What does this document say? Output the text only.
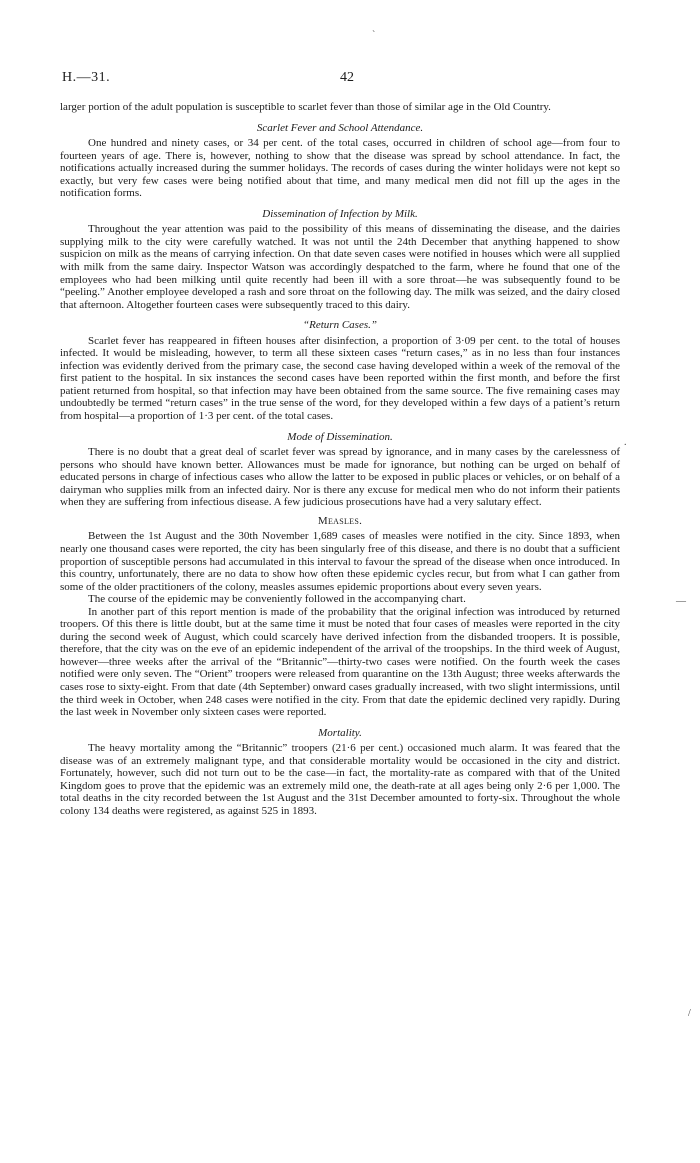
`
.
—
/
H.—31.	42

larger portion of the adult population is susceptible to scarlet fever than those of similar age in the Old Country.

Scarlet Fever and School Attendance.

One hundred and ninety cases, or 34 per cent. of the total cases, occurred in children of school age—from four to fourteen years of age. There is, however, nothing to show that the disease was spread by school attendance. In fact, the notifications actually increased during the summer holidays. The records of cases during the winter holidays were not kept so exactly, but very few cases were being notified about that time, and many medical men did not fill up the ages in the notification forms.

Dissemination of Infection by Milk.

Throughout the year attention was paid to the possibility of this means of disseminating the disease, and the dairies supplying milk to the city were carefully watched. It was not until the 24th December that anything happened to show suspicion on milk as the means of carrying infection. On that date seven cases were notified in houses which were all supplied with milk from the same dairy. Inspector Watson was accordingly despatched to the farm, where he found that one of the employees who had been milking until quite recently had been ill with a sore throat—he was subsequently found to be “peeling.” Another employee developed a rash and sore throat on the following day. The milk was seized, and the dairy closed that afternoon. Altogether fourteen cases were subsequently traced to this dairy.

“Return Cases.”

Scarlet fever has reappeared in fifteen houses after disinfection, a proportion of 3·09 per cent. to the total of houses infected. It would be misleading, however, to term all these sixteen cases “return cases,” as in no less than four instances infection was evidently derived from the primary case, the second case having developed within a week of the removal of the first patient to the hospital. In six instances the second cases have been reported within the first month, and before the first patient returned from hospital, so that infection may have been obtained from the same source. The five remaining cases may undoubtedly be termed “return cases” in the true sense of the word, for they developed within a few days of a patient’s return from hospital—a proportion of 1·3 per cent. of the total cases.

Mode of Dissemination.

There is no doubt that a great deal of scarlet fever was spread by ignorance, and in many cases by the carelessness of persons who should have known better. Allowances must be made for ignorance, but nothing can be urged on behalf of educated persons in charge of infectious cases who allow the latter to be exposed in public places or vehicles, or on behalf of a dairyman who supplies milk from an infected dairy. Nor is there any excuse for medical men who do not inform their patients when they are suffering from infectious disease. A few judicious prosecutions have had a very salutary effect.

Measles.

Between the 1st August and the 30th November 1,689 cases of measles were notified in the city. Since 1893, when nearly one thousand cases were reported, the city has been singularly free of this disease, and there is no doubt that a sufficient proportion of susceptible persons had accumulated in this interval to favour the spread of the disease when once introduced. In this country, unfortunately, there are no data to show how often these epidemic cycles recur, but from what I can gather from some of the older practitioners of the colony, measles assumes epidemic proportions about every seven years.

The course of the epidemic may be conveniently followed in the accompanying chart.

In another part of this report mention is made of the probability that the original infection was introduced by returned troopers. Of this there is little doubt, but at the same time it must be noted that four cases of measles were reported in the city during the second week of August, which could scarcely have derived infection from the disbanded troopers. It is possible, therefore, that the city was on the eve of an epidemic independent of the arrival of the troopships. In the third week of August, however—three weeks after the arrival of the “Britannic”—thirty-two cases were notified. On the fourth week the cases notified were only seven. The “Orient” troopers were released from quarantine on the 13th August; three weeks afterwards the cases rose to sixty-eight. From that date (4th September) onward cases gradually increased, with two slight intermissions, until the third week in October, when 248 cases were notified in the city. From that date the epidemic declined very rapidly. During the last week in November only sixteen cases were reported.

Mortality.

The heavy mortality among the “Britannic” troopers (21·6 per cent.) occasioned much alarm. It was feared that the disease was of an extremely malignant type, and that considerable mortality would be occasioned in the city and district. Fortunately, however, such did not turn out to be the case—in fact, the mortality-rate as compared with that of the United Kingdom goes to prove that the epidemic was an extremely mild one, the death-rate at all ages being only 2·6 per 1,000. The total deaths in the city recorded between the 1st August and the 31st December amounted to forty-six. Throughout the whole colony 134 deaths were registered, as against 525 in 1893.
